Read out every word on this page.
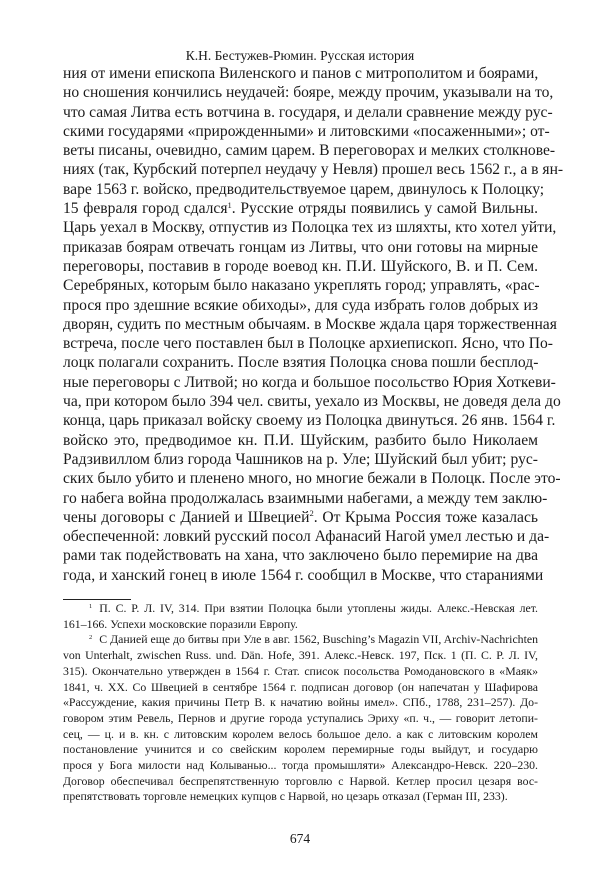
К.Н. Бестужев-Рюмин. Русская история
ния от имени епископа Виленского и панов с митрополитом и боярами,
но сношения кончились неудачей: бояре, между прочим, указывали на то,
что самая Литва есть вотчина в. государя, и делали сравнение между рус-
скими государями «прирожденными» и литовскими «посаженными»; от-
веты писаны, очевидно, самим царем. В переговорах и мелких столкнове-
ниях (так, Курбский потерпел неудачу у Невля) прошел весь 1562 г., а в ян-
варе 1563 г. войско, предводительствуемое царем, двинулось к Полоцку;
15 февраля город сдался$^1$. Русские отряды появились у самой Вильны.
Царь уехал в Москву, отпустив из Полоцка тех из шляхты, кто хотел уйти,
приказав боярам отвечать гонцам из Литвы, что они готовы на мирные
переговоры, поставив в городе воевод кн. П.И. Шуйского, В. и П. Сем.
Серебряных, которым было наказано укреплять город; управлять, «рас-
прося про здешние всякие обиходы», для суда избрать голов добрых из
дворян, судить по местным обычаям. в Москве ждала царя торжественная
встреча, после чего поставлен был в Полоцке архиепископ. Ясно, что По-
лоцк полагали сохранить. После взятия Полоцка снова пошли бесплод-
ные переговоры с Литвой; но когда и большое посольство Юрия Хоткеви-
ча, при котором было 394 чел. свиты, уехало из Москвы, не доведя дела до
конца, царь приказал войску своему из Полоцка двинуться. 26 янв. 1564 г.
войско это, предводимое кн. П.И. Шуйским, разбито было Николаем
Радзивиллом близ города Чашников на р. Уле; Шуйский был убит; рус-
ских было убито и пленено много, но многие бежали в Полоцк. После это-
го набега война продолжалась взаимными набегами, а между тем заклю-
чены договоры с Данией и Швецией$^2$. От Крыма Россия тоже казалась
обеспеченной: ловкий русский посол Афанасий Нагой умел лестью и да-
рами так подействовать на хана, что заключено было перемирие на два
года, и ханский гонец в июле 1564 г. сообщил в Москве, что стараниями
$^1$ П. С. Р. Л. IV, 314. При взятии Полоцка были утоплены жиды. Алекс.-Невская лет.
161–166. Успехи московские поразили Европу.
$^2$ С Данией еще до битвы при Уле в авг. 1562, Busching’s Magazin VII, Archiv-Nachrichten
von Unterhalt, zwischen Russ. und. Dän. Hofe, 391. Алекс.-Невск. 197, Пск. 1 (П. С. Р. Л. IV,
315). Окончательно утвержден в 1564 г. Стат. список посольства Ромодановского в «Маяк»
1841, ч. XX. Со Швецией в сентябре 1564 г. подписан договор (он напечатан у Шафирова
«Рассуждение, какия причины Петр В. к начатию войны имел». СПб., 1788, 231–257). До-
говором этим Ревель, Пернов и другие города уступались Эриху «п. ч., — говорит летопи-
сец, — ц. и в. кн. с литовским королем велось большое дело. а как с литовским королем
постановление учинится и со свейским королем перемирные годы выйдут, и государю
прося у Бога милости над Колыванью... тогда промышляти» Александро-Невск. 220–230.
Договор обеспечивал беспрепятственную торговлю с Нарвой. Кетлер просил цезаря вос-
препятствовать торговле немецких купцов с Нарвой, но цезарь отказал (Герман III, 233).
674
